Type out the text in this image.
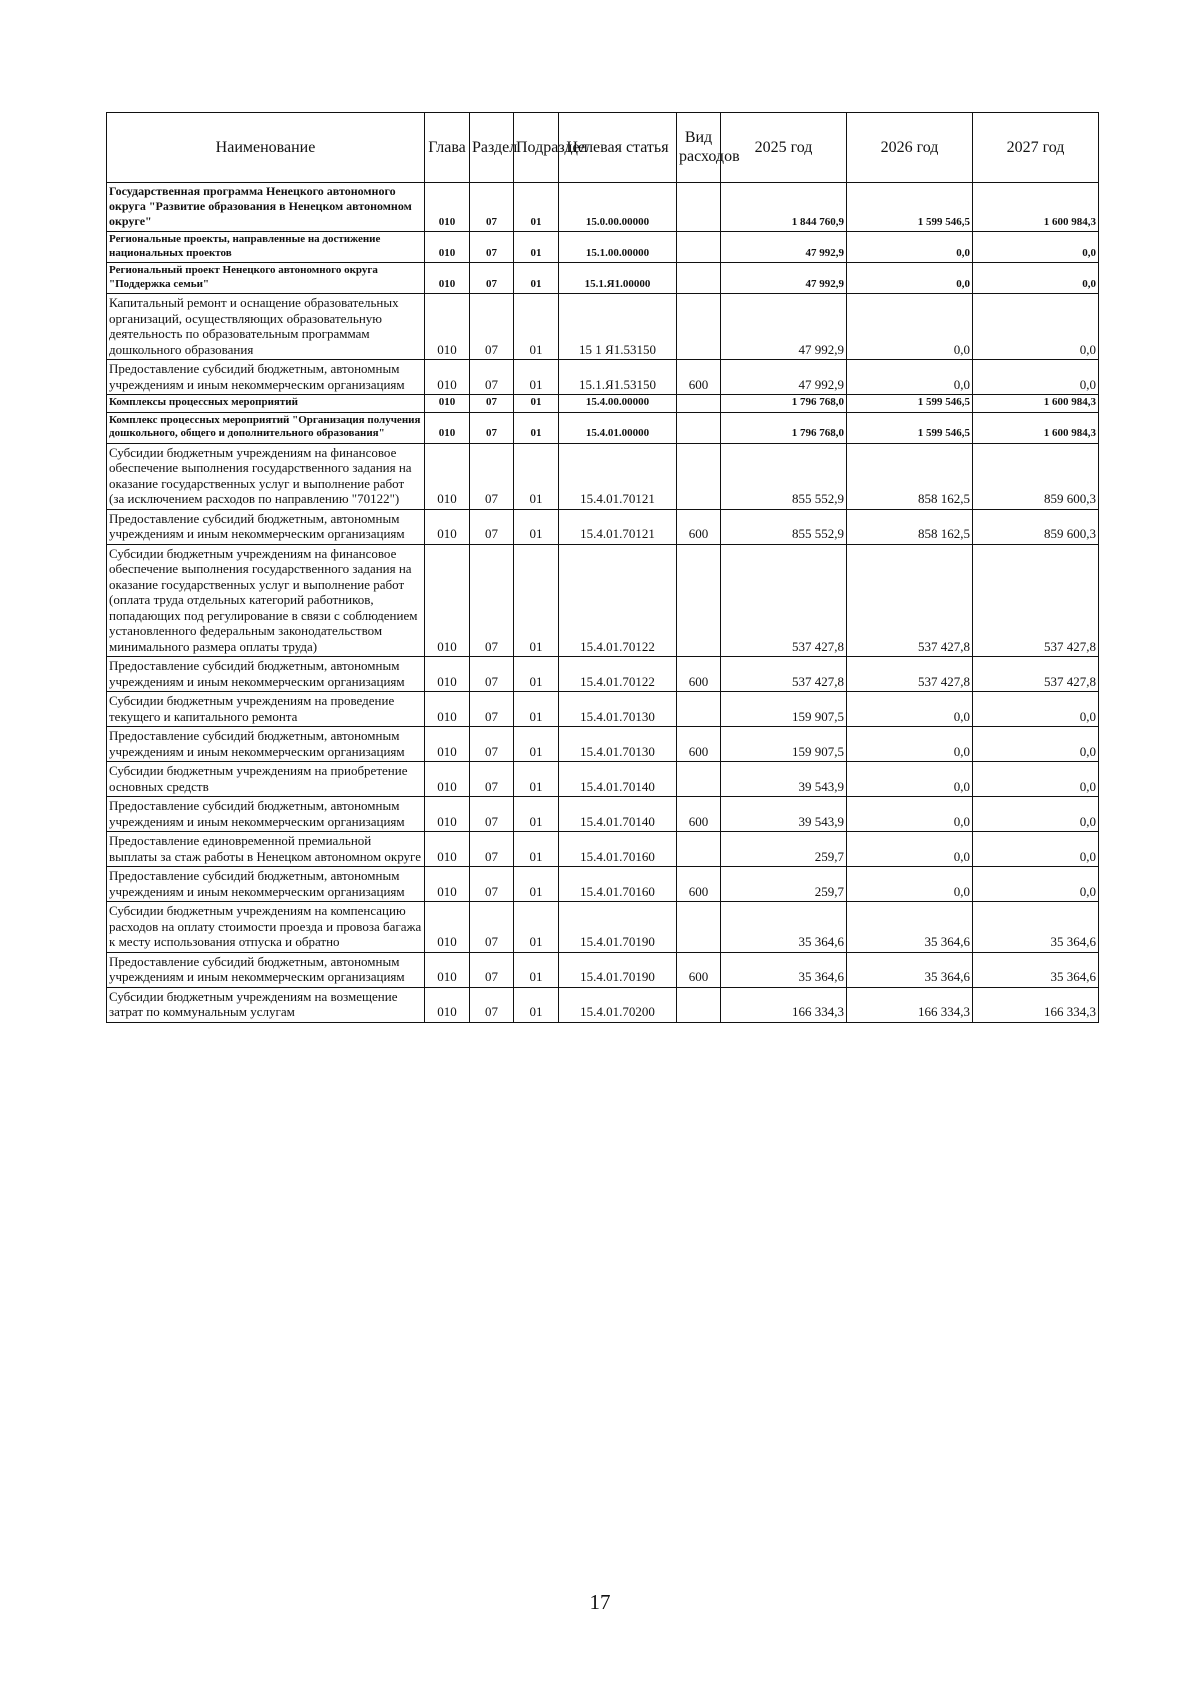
Наименование	Глава	Раздел	Подраздел	Целевая статья	Вид расходов	2025 год	2026 год	2027 год
Государственная программа Ненецкого автономного округа "Развитие образования в Ненецком автономном округе"	010	07	01	15.0.00.00000		1 844 760,9	1 599 546,5	1 600 984,3
Региональные проекты, направленные на достижение национальных проектов	010	07	01	15.1.00.00000		47 992,9	0,0	0,0
Региональный проект Ненецкого автономного округа "Поддержка семьи"	010	07	01	15.1.Я1.00000		47 992,9	0,0	0,0
Капитальный ремонт и оснащение образовательных организаций, осуществляющих образовательную деятельность по образовательным программам дошкольного образования	010	07	01	15 1 Я1.53150		47 992,9	0,0	0,0
Предоставление субсидий бюджетным, автономным учреждениям и иным некоммерческим организациям	010	07	01	15.1.Я1.53150	600	47 992,9	0,0	0,0
Комплексы процессных мероприятий	010	07	01	15.4.00.00000		1 796 768,0	1 599 546,5	1 600 984,3
Комплекс процессных мероприятий "Организация получения дошкольного, общего и дополнительного образования"	010	07	01	15.4.01.00000		1 796 768,0	1 599 546,5	1 600 984,3
Субсидии бюджетным учреждениям на финансовое обеспечение выполнения государственного задания на оказание государственных услуг и выполнение работ (за исключением расходов по направлению "70122")	010	07	01	15.4.01.70121		855 552,9	858 162,5	859 600,3
Предоставление субсидий бюджетным, автономным учреждениям и иным некоммерческим организациям	010	07	01	15.4.01.70121	600	855 552,9	858 162,5	859 600,3
Субсидии бюджетным учреждениям на финансовое обеспечение выполнения государственного задания на оказание государственных услуг и выполнение работ (оплата труда отдельных категорий работников, попадающих под регулирование в связи с соблюдением установленного федеральным законодательством минимального размера оплаты труда)	010	07	01	15.4.01.70122		537 427,8	537 427,8	537 427,8
Предоставление субсидий бюджетным, автономным учреждениям и иным некоммерческим организациям	010	07	01	15.4.01.70122	600	537 427,8	537 427,8	537 427,8
Субсидии бюджетным учреждениям на проведение текущего и капитального ремонта	010	07	01	15.4.01.70130		159 907,5	0,0	0,0
Предоставление субсидий бюджетным, автономным учреждениям и иным некоммерческим организациям	010	07	01	15.4.01.70130	600	159 907,5	0,0	0,0
Субсидии бюджетным учреждениям на приобретение основных средств	010	07	01	15.4.01.70140		39 543,9	0,0	0,0
Предоставление субсидий бюджетным, автономным учреждениям и иным некоммерческим организациям	010	07	01	15.4.01.70140	600	39 543,9	0,0	0,0
Предоставление единовременной премиальной выплаты за стаж работы в Ненецком автономном округе	010	07	01	15.4.01.70160		259,7	0,0	0,0
Предоставление субсидий бюджетным, автономным учреждениям и иным некоммерческим организациям	010	07	01	15.4.01.70160	600	259,7	0,0	0,0
Субсидии бюджетным учреждениям на компенсацию расходов на оплату стоимости проезда и провоза багажа к месту использования отпуска и обратно	010	07	01	15.4.01.70190		35 364,6	35 364,6	35 364,6
Предоставление субсидий бюджетным, автономным учреждениям и иным некоммерческим организациям	010	07	01	15.4.01.70190	600	35 364,6	35 364,6	35 364,6
Субсидии бюджетным учреждениям на возмещение затрат по коммунальным услугам	010	07	01	15.4.01.70200		166 334,3	166 334,3	166 334,3
17
